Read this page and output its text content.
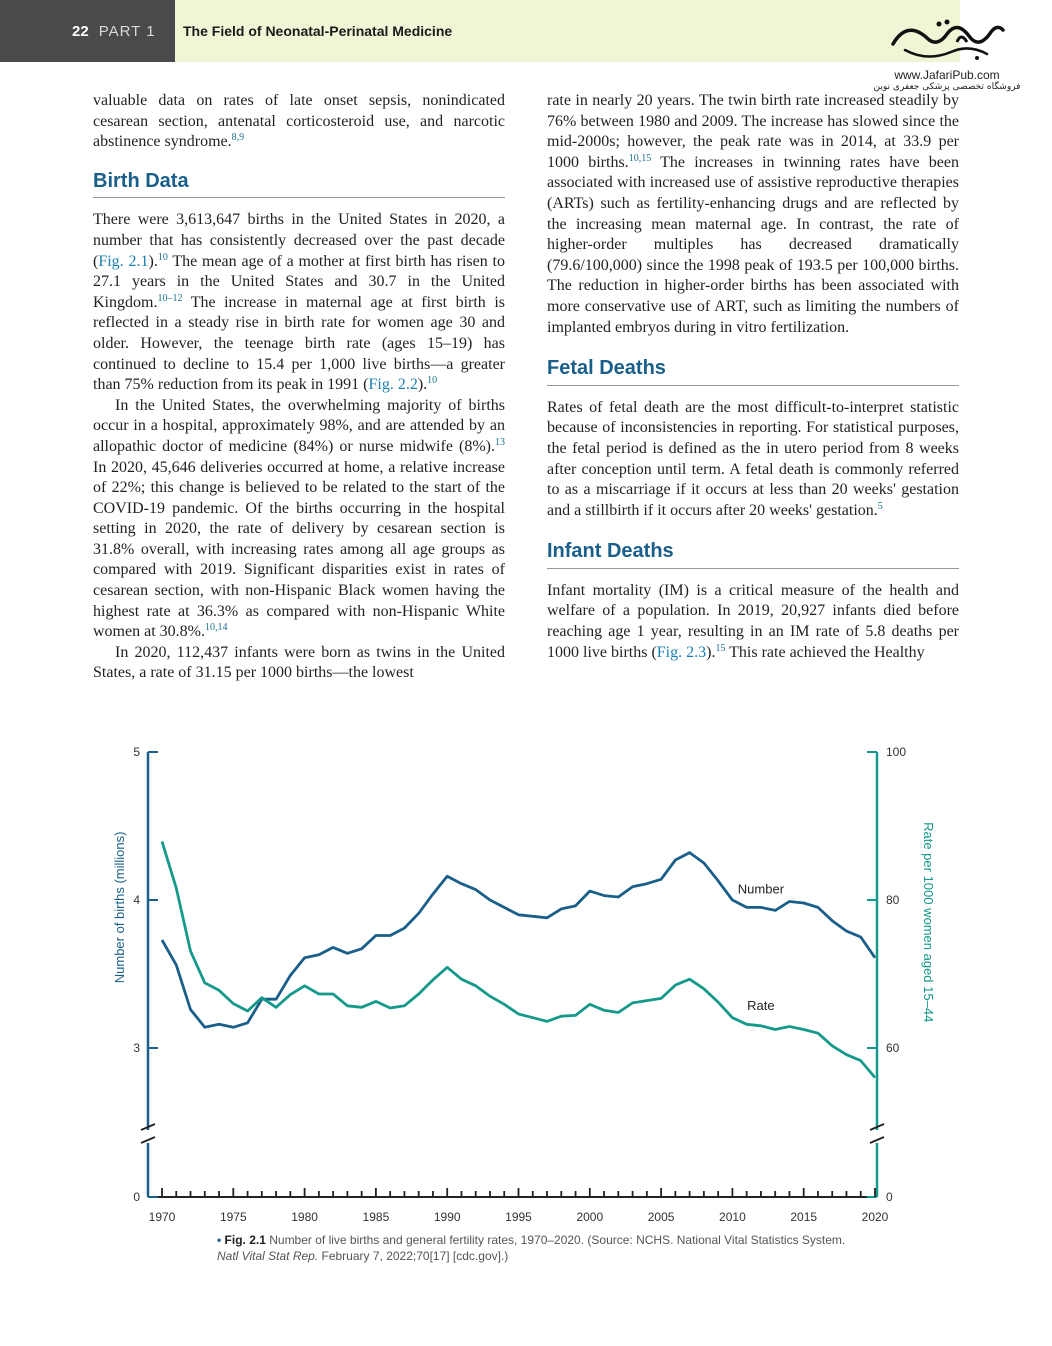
22 PART 1	The Field of Neonatal-Perinatal Medicine
www.JafariPub.com
فروشگاه تخصصی پزشکی جعفری نوین

valuable data on rates of late onset sepsis, nonindicated cesarean section, antenatal corticosteroid use, and narcotic abstinence syndrome.$^{8,9}$

Birth Data

There were 3,613,647 births in the United States in 2020, a number that has consistently decreased over the past decade (Fig. 2.1).$^{10}$ The mean age of a mother at first birth has risen to 27.1 years in the United States and 30.7 in the United Kingdom.$^{10-12}$ The increase in maternal age at first birth is reflected in a steady rise in birth rate for women age 30 and older. However, the teenage birth rate (ages 15–19) has continued to decline to 15.4 per 1,000 live births—a greater than 75% reduction from its peak in 1991 (Fig. 2.2).$^{10}$

In the United States, the overwhelming majority of births occur in a hospital, approximately 98%, and are attended by an allopathic doctor of medicine (84%) or nurse midwife (8%).$^{13}$ In 2020, 45,646 deliveries occurred at home, a relative increase of 22%; this change is believed to be related to the start of the COVID-19 pandemic. Of the births occurring in the hospital setting in 2020, the rate of delivery by cesarean section is 31.8% overall, with increasing rates among all age groups as compared with 2019. Significant disparities exist in rates of cesarean section, with non-Hispanic Black women having the highest rate at 36.3% as compared with non-Hispanic White women at 30.8%.$^{10,14}$

In 2020, 112,437 infants were born as twins in the United States, a rate of 31.15 per 1000 births—the lowest

rate in nearly 20 years. The twin birth rate increased steadily by 76% between 1980 and 2009. The increase has slowed since the mid-2000s; however, the peak rate was in 2014, at 33.9 per 1000 births.$^{10,15}$ The increases in twinning rates have been associated with increased use of assistive reproductive therapies (ARTs) such as fertility-enhancing drugs and are reflected by the increasing mean maternal age. In contrast, the rate of higher-order multiples has decreased dramatically (79.6/100,000) since the 1998 peak of 193.5 per 100,000 births. The reduction in higher-order births has been associated with more conservative use of ART, such as limiting the numbers of implanted embryos during in vitro fertilization.

Fetal Deaths

Rates of fetal death are the most difficult-to-interpret statistic because of inconsistencies in reporting. For statistical purposes, the fetal period is defined as the in utero period from 8 weeks after conception until term. A fetal death is commonly referred to as a miscarriage if it occurs at less than 20 weeks' gestation and a stillbirth if it occurs after 20 weeks' gestation.$^5$

Infant Deaths

Infant mortality (IM) is a critical measure of the health and welfare of a population. In 2019, 20,927 infants died before reaching age 1 year, resulting in an IM rate of 5.8 deaths per 1000 live births (Fig. 2.3).$^{15}$ This rate achieved the Healthy

0
3
4
5
0
60
80
100
1970	1975	1980	1985	1990	1995	2000	2005	2010	2015	2020
Number of births (millions)	Rate per 1000 women aged 15–44
Number
Rate
• Fig. 2.1 Number of live births and general fertility rates, 1970–2020. (Source: NCHS. National Vital Statistics System. Natl Vital Stat Rep. February 7, 2022;70[17] [cdc.gov].)
